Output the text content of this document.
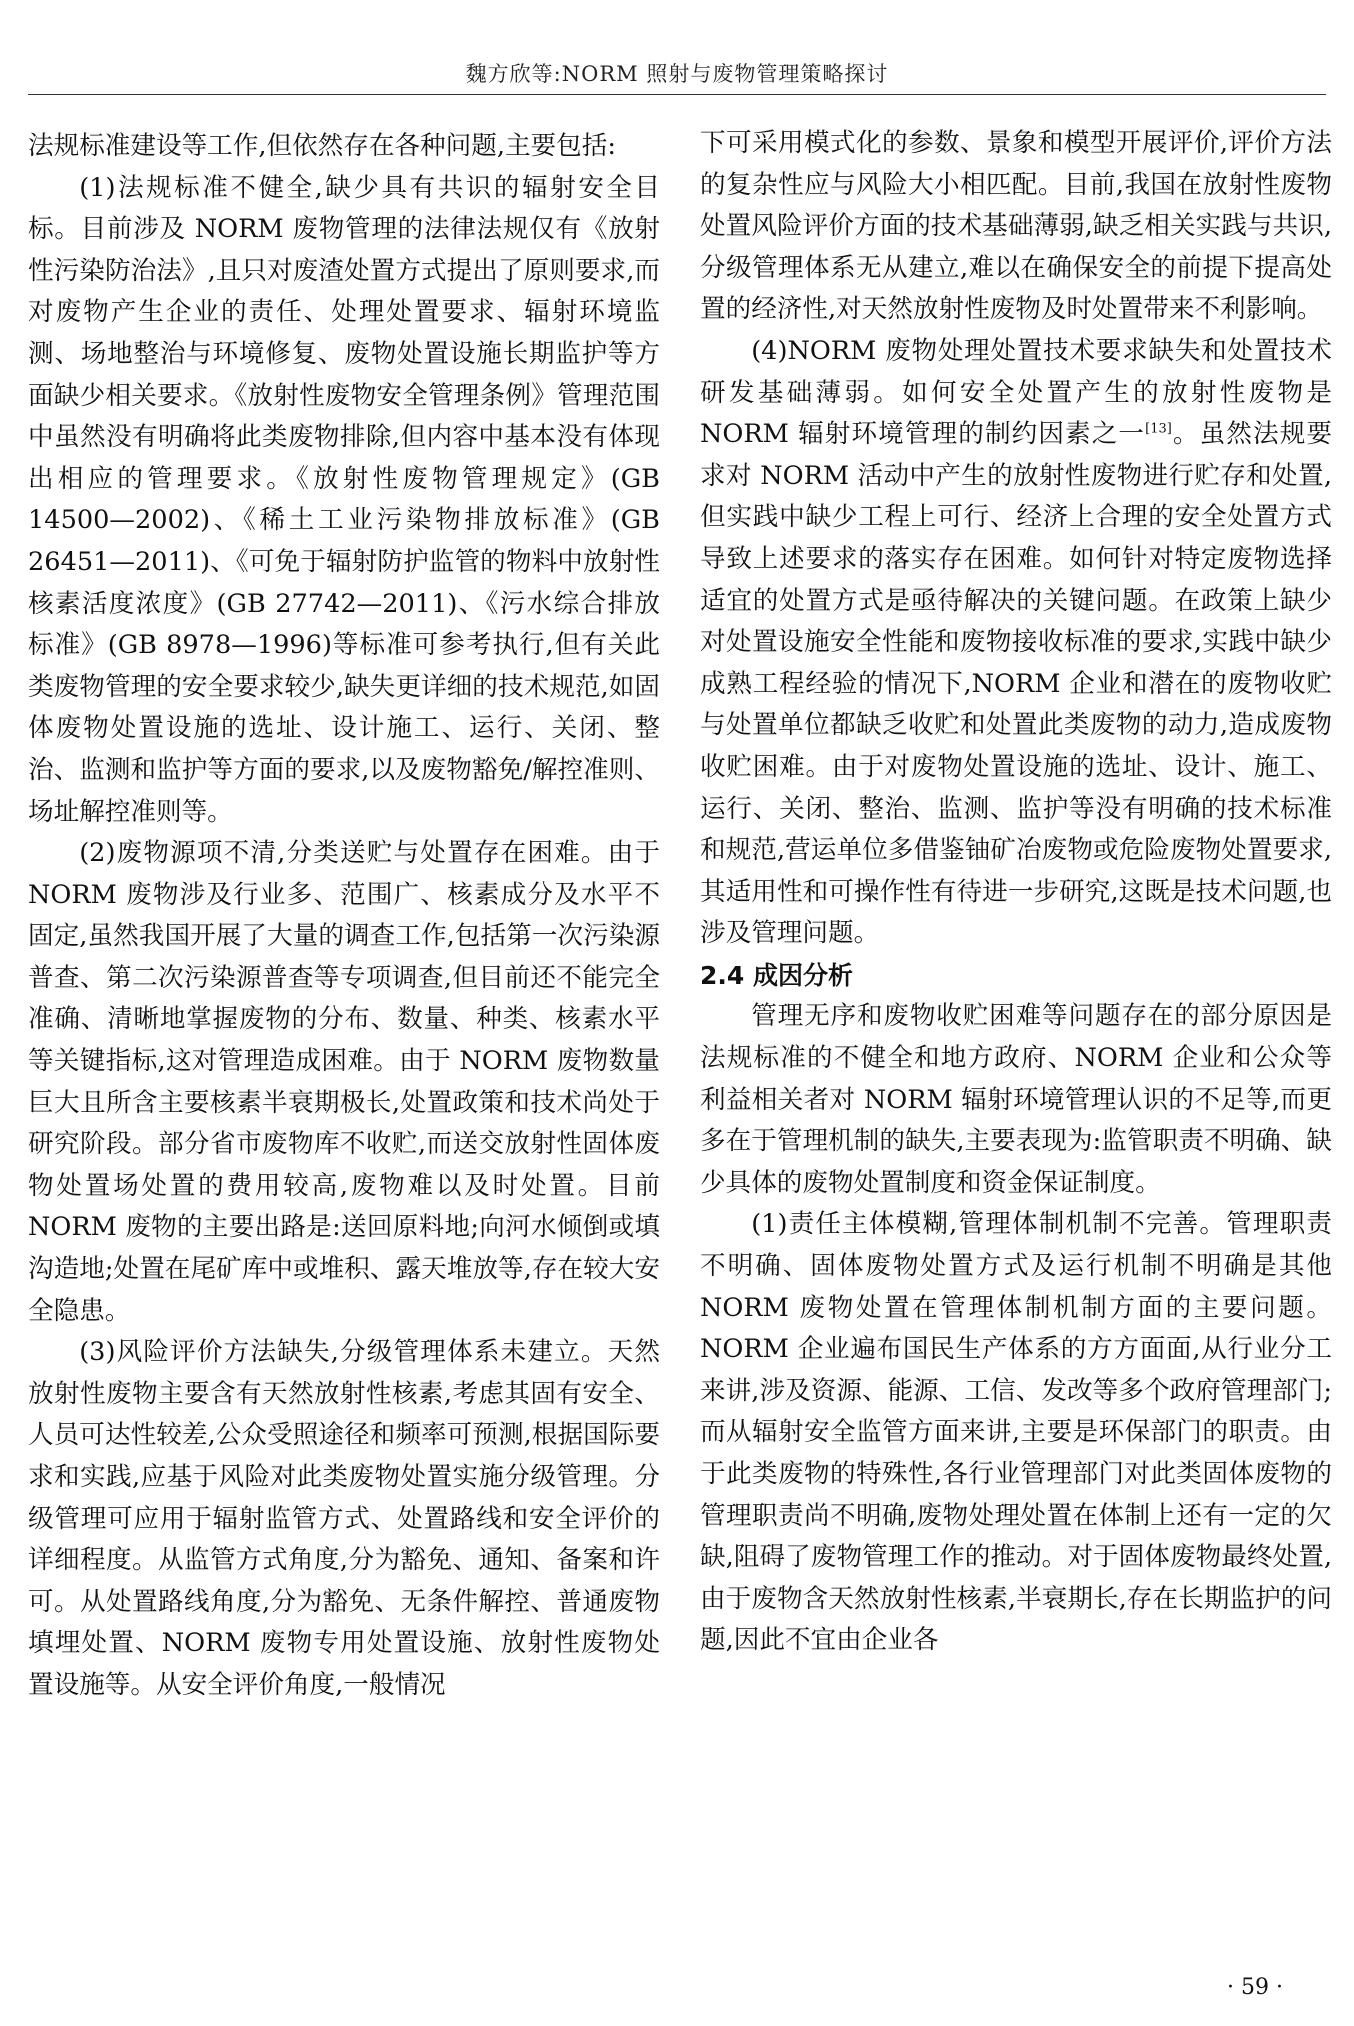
魏方欣等:NORM 照射与废物管理策略探讨

法规标准建设等工作,但依然存在各种问题,主要包括:

(1)法规标准不健全,缺少具有共识的辐射安全目标。目前涉及 NORM 废物管理的法律法规仅有《放射性污染防治法》,且只对废渣处置方式提出了原则要求,而对废物产生企业的责任、处理处置要求、辐射环境监测、场地整治与环境修复、废物处置设施长期监护等方面缺少相关要求。《放射性废物安全管理条例》管理范围中虽然没有明确将此类废物排除,但内容中基本没有体现出相应的管理要求。《放射性废物管理规定》(GB 14500—2002)、《稀土工业污染物排放标准》(GB 26451—2011)、《可免于辐射防护监管的物料中放射性核素活度浓度》(GB 27742—2011)、《污水综合排放标准》(GB 8978—1996)等标准可参考执行,但有关此类废物管理的安全要求较少,缺失更详细的技术规范,如固体废物处置设施的选址、设计施工、运行、关闭、整治、监测和监护等方面的要求,以及废物豁免/解控准则、场址解控准则等。

(2)废物源项不清,分类送贮与处置存在困难。由于 NORM 废物涉及行业多、范围广、核素成分及水平不固定,虽然我国开展了大量的调查工作,包括第一次污染源普查、第二次污染源普查等专项调查,但目前还不能完全准确、清晰地掌握废物的分布、数量、种类、核素水平等关键指标,这对管理造成困难。由于 NORM 废物数量巨大且所含主要核素半衰期极长,处置政策和技术尚处于研究阶段。部分省市废物库不收贮,而送交放射性固体废物处置场处置的费用较高,废物难以及时处置。目前 NORM 废物的主要出路是:送回原料地;向河水倾倒或填沟造地;处置在尾矿库中或堆积、露天堆放等,存在较大安全隐患。

(3)风险评价方法缺失,分级管理体系未建立。天然放射性废物主要含有天然放射性核素,考虑其固有安全、人员可达性较差,公众受照途径和频率可预测,根据国际要求和实践,应基于风险对此类废物处置实施分级管理。分级管理可应用于辐射监管方式、处置路线和安全评价的详细程度。从监管方式角度,分为豁免、通知、备案和许可。从处置路线角度,分为豁免、无条件解控、普通废物填埋处置、NORM 废物专用处置设施、放射性废物处置设施等。从安全评价角度,一般情况

下可采用模式化的参数、景象和模型开展评价,评价方法的复杂性应与风险大小相匹配。目前,我国在放射性废物处置风险评价方面的技术基础薄弱,缺乏相关实践与共识,分级管理体系无从建立,难以在确保安全的前提下提高处置的经济性,对天然放射性废物及时处置带来不利影响。

(4)NORM 废物处理处置技术要求缺失和处置技术研发基础薄弱。如何安全处置产生的放射性废物是 NORM 辐射环境管理的制约因素之一[13]。虽然法规要求对 NORM 活动中产生的放射性废物进行贮存和处置,但实践中缺少工程上可行、经济上合理的安全处置方式导致上述要求的落实存在困难。如何针对特定废物选择适宜的处置方式是亟待解决的关键问题。在政策上缺少对处置设施安全性能和废物接收标准的要求,实践中缺少成熟工程经验的情况下,NORM 企业和潜在的废物收贮与处置单位都缺乏收贮和处置此类废物的动力,造成废物收贮困难。由于对废物处置设施的选址、设计、施工、运行、关闭、整治、监测、监护等没有明确的技术标准和规范,营运单位多借鉴铀矿冶废物或危险废物处置要求,其适用性和可操作性有待进一步研究,这既是技术问题,也涉及管理问题。

2.4 成因分析

管理无序和废物收贮困难等问题存在的部分原因是法规标准的不健全和地方政府、NORM 企业和公众等利益相关者对 NORM 辐射环境管理认识的不足等,而更多在于管理机制的缺失,主要表现为:监管职责不明确、缺少具体的废物处置制度和资金保证制度。

(1)责任主体模糊,管理体制机制不完善。管理职责不明确、固体废物处置方式及运行机制不明确是其他 NORM 废物处置在管理体制机制方面的主要问题。NORM 企业遍布国民生产体系的方方面面,从行业分工来讲,涉及资源、能源、工信、发改等多个政府管理部门;而从辐射安全监管方面来讲,主要是环保部门的职责。由于此类废物的特殊性,各行业管理部门对此类固体废物的管理职责尚不明确,废物处理处置在体制上还有一定的欠缺,阻碍了废物管理工作的推动。对于固体废物最终处置,由于废物含天然放射性核素,半衰期长,存在长期监护的问题,因此不宜由企业各

· 59 ·
